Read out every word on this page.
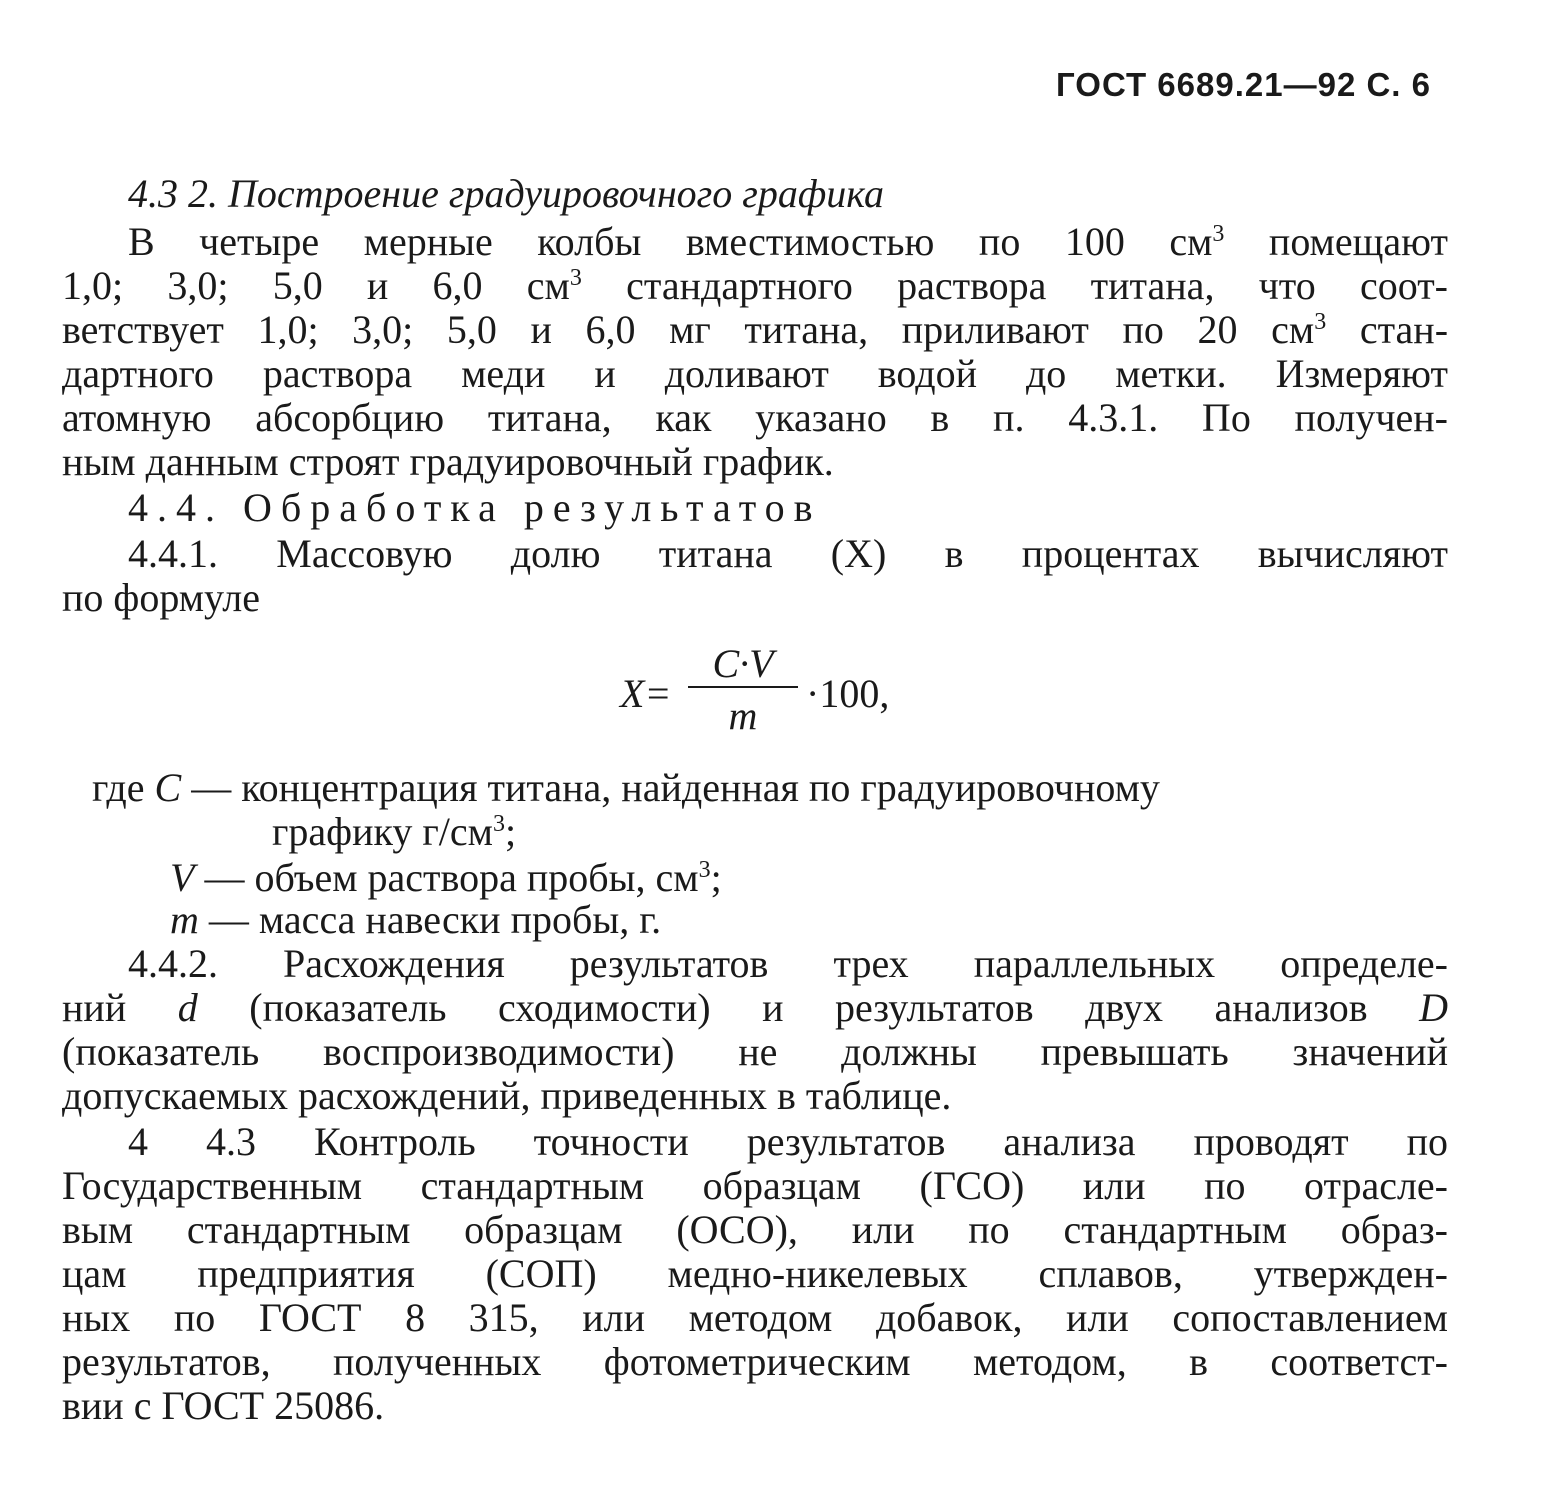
ГОСТ 6689.21—92 С. 6
4.3 2. Построение градуировочного графика
В четыре мерные колбы вместимостью по 100 $см^3$ помещают
1,0; 3,0; 5,0 и 6,0 $см^3$ стандартного раствора титана, что соот-
ветствует 1,0; 3,0; 5,0 и 6,0 мг титана, приливают по 20 $см^3$ стан-
дартного раствора меди и доливают водой до метки. Измеряют
атомную абсорбцию титана, как указано в п. 4.3.1. По получен-
ным данным строят градуировочный график.
4.4. Обработка результатов
4.4.1. Массовую долю титана (X) в процентах вычисляют
по формуле
X=
C·V
m	·100,
где C — концентрация титана, найденная по градуировочному
графику $г/см^3$;
V — объем раствора пробы, $см^3$;
m — масса навески пробы, г.
4.4.2. Расхождения результатов трех параллельных определе-
ний d (показатель сходимости) и результатов двух анализов D
(показатель воспроизводимости) не должны превышать значений
допускаемых расхождений, приведенных в таблице.
4 4.3 Контроль точности результатов анализа проводят по
Государственным стандартным образцам (ГСО) или по отрасле-
вым стандартным образцам (ОСО), или по стандартным образ-
цам предприятия (СОП) медно-никелевых сплавов, утвержден-
ных по ГОСТ 8 315, или методом добавок, или сопоставлением
результатов, полученных фотометрическим методом, в соответст-
вии с ГОСТ 25086.
